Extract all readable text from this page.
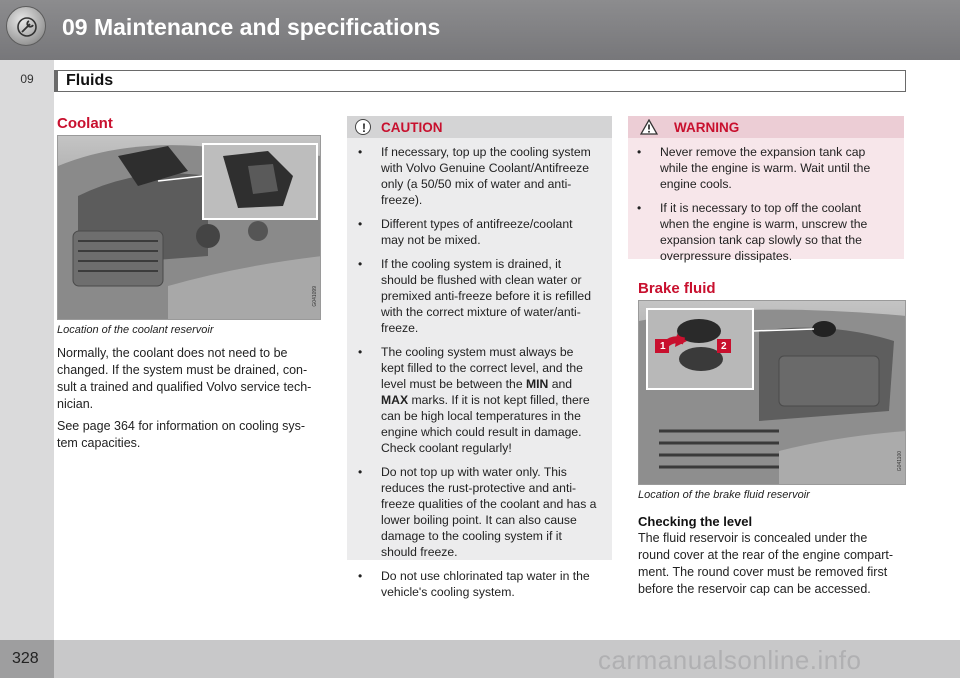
09 Maintenance and specifications
09	Fluids
Coolant
G041099
Location of the coolant reservoir
Normally, the coolant does not need to be
changed. If the system must be drained, con-
sult a trained and qualified Volvo service tech-
nician.
See page 364 for information on cooling sys-
tem capacities.
! CAUTION
• If necessary, top up the cooling system
with Volvo Genuine Coolant/Antifreeze
only (a 50/50 mix of water and anti-
freeze).
• Different types of antifreeze/coolant
may not be mixed.
• If the cooling system is drained, it
should be flushed with clean water or
premixed anti-freeze before it is refilled
with the correct mixture of water/anti-
freeze.
• The cooling system must always be
kept filled to the correct level, and the
level must be between the MIN and
MAX marks. If it is not kept filled, there
can be high local temperatures in the
engine which could result in damage.
Check coolant regularly!
• Do not top up with water only. This
reduces the rust-protective and anti-
freeze qualities of the coolant and has a
lower boiling point. It can also cause
damage to the cooling system if it
should freeze.
• Do not use chlorinated tap water in the
vehicle's cooling system.
WARNING
• Never remove the expansion tank cap
while the engine is warm. Wait until the
engine cools.
• If it is necessary to top off the coolant
when the engine is warm, unscrew the
expansion tank cap slowly so that the
overpressure dissipates.
Brake fluid
1	2
G041100
Location of the brake fluid reservoir
Checking the level
The fluid reservoir is concealed under the
round cover at the rear of the engine compart-
ment. The round cover must be removed first
before the reservoir cap can be accessed.
328	carmanualsonline.info
